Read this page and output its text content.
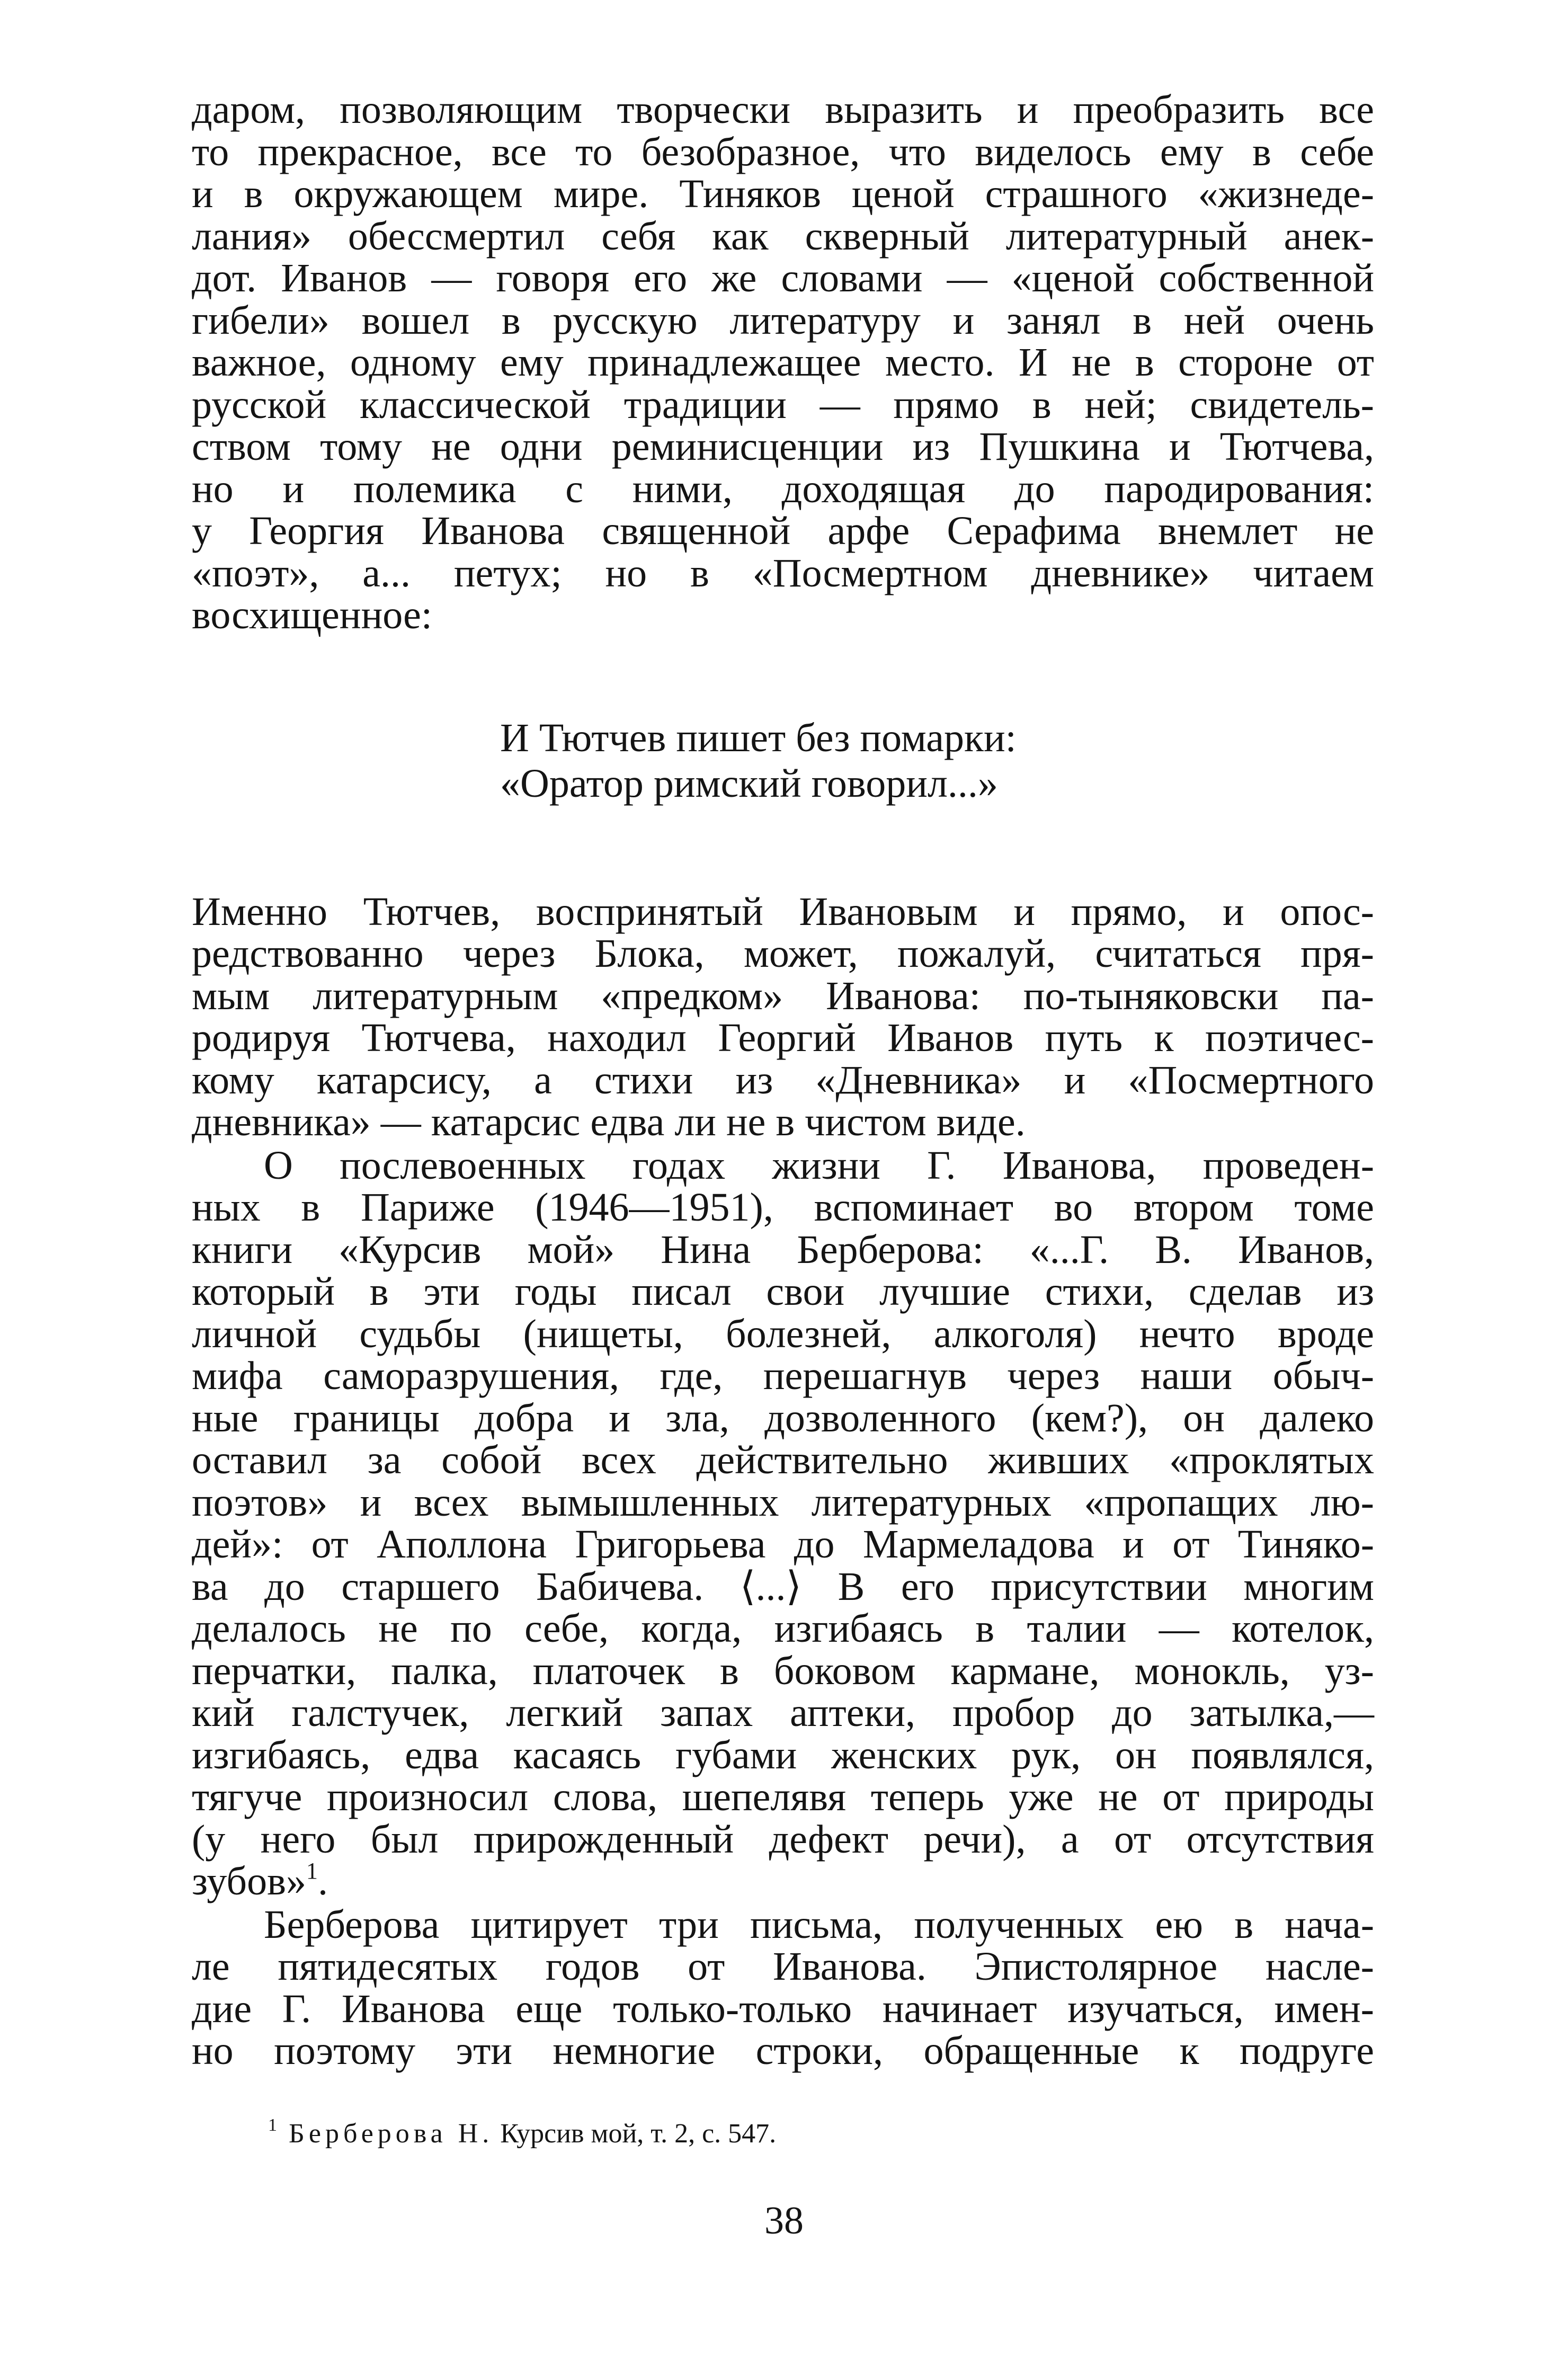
даром, позволяющим творчески выразить и преобразить все
то прекрасное, все то безобразное, что виделось ему в себе
и в окружающем мире. Тиняков ценой страшного «жизнеде-
лания» обессмертил себя как скверный литературный анек-
дот. Иванов — говоря его же словами — «ценой собственной
гибели» вошел в русскую литературу и занял в ней очень
важное, одному ему принадлежащее место. И не в стороне от
русской классической традиции — прямо в ней; свидетель-
ством тому не одни реминисценции из Пушкина и Тютчева,
но и полемика с ними, доходящая до пародирования:
у Георгия Иванова священной арфе Серафима внемлет не
«поэт», а... петух; но в «Посмертном дневнике» читаем
восхищенное:
И Тютчев пишет без помарки:
«Оратор римский говорил...»
Именно Тютчев, воспринятый Ивановым и прямо, и опос-
редствованно через Блока, может, пожалуй, считаться пря-
мым литературным «предком» Иванова: по-тыняковски па-
родируя Тютчева, находил Георгий Иванов путь к поэтичес-
кому катарсису, а стихи из «Дневника» и «Посмертного
дневника» — катарсис едва ли не в чистом виде.
О послевоенных годах жизни Г. Иванова, проведен-
ных в Париже (1946—1951), вспоминает во втором томе
книги «Курсив мой» Нина Берберова: «...Г. В. Иванов,
который в эти годы писал свои лучшие стихи, сделав из
личной судьбы (нищеты, болезней, алкоголя) нечто вроде
мифа саморазрушения, где, перешагнув через наши обыч-
ные границы добра и зла, дозволенного (кем?), он далеко
оставил за собой всех действительно живших «проклятых
поэтов» и всех вымышленных литературных «пропащих лю-
дей»: от Аполлона Григорьева до Мармеладова и от Тиняко-
ва до старшего Бабичева. ⟨...⟩ В его присутствии многим
делалось не по себе, когда, изгибаясь в талии — котелок,
перчатки, палка, платочек в боковом кармане, монокль, уз-
кий галстучек, легкий запах аптеки, пробор до затылка,—
изгибаясь, едва касаясь губами женских рук, он появлялся,
тягуче произносил слова, шепелявя теперь уже не от природы
(у него был прирожденный дефект речи), а от отсутствия
зубов»$^1$.
Берберова цитирует три письма, полученных ею в нача-
ле пятидесятых годов от Иванова. Эпистолярное насле-
дие Г. Иванова еще только-только начинает изучаться, имен-
но поэтому эти немногие строки, обращенные к подруге
$^1$ Берберова Н. Курсив мой, т. 2, с. 547.
38
